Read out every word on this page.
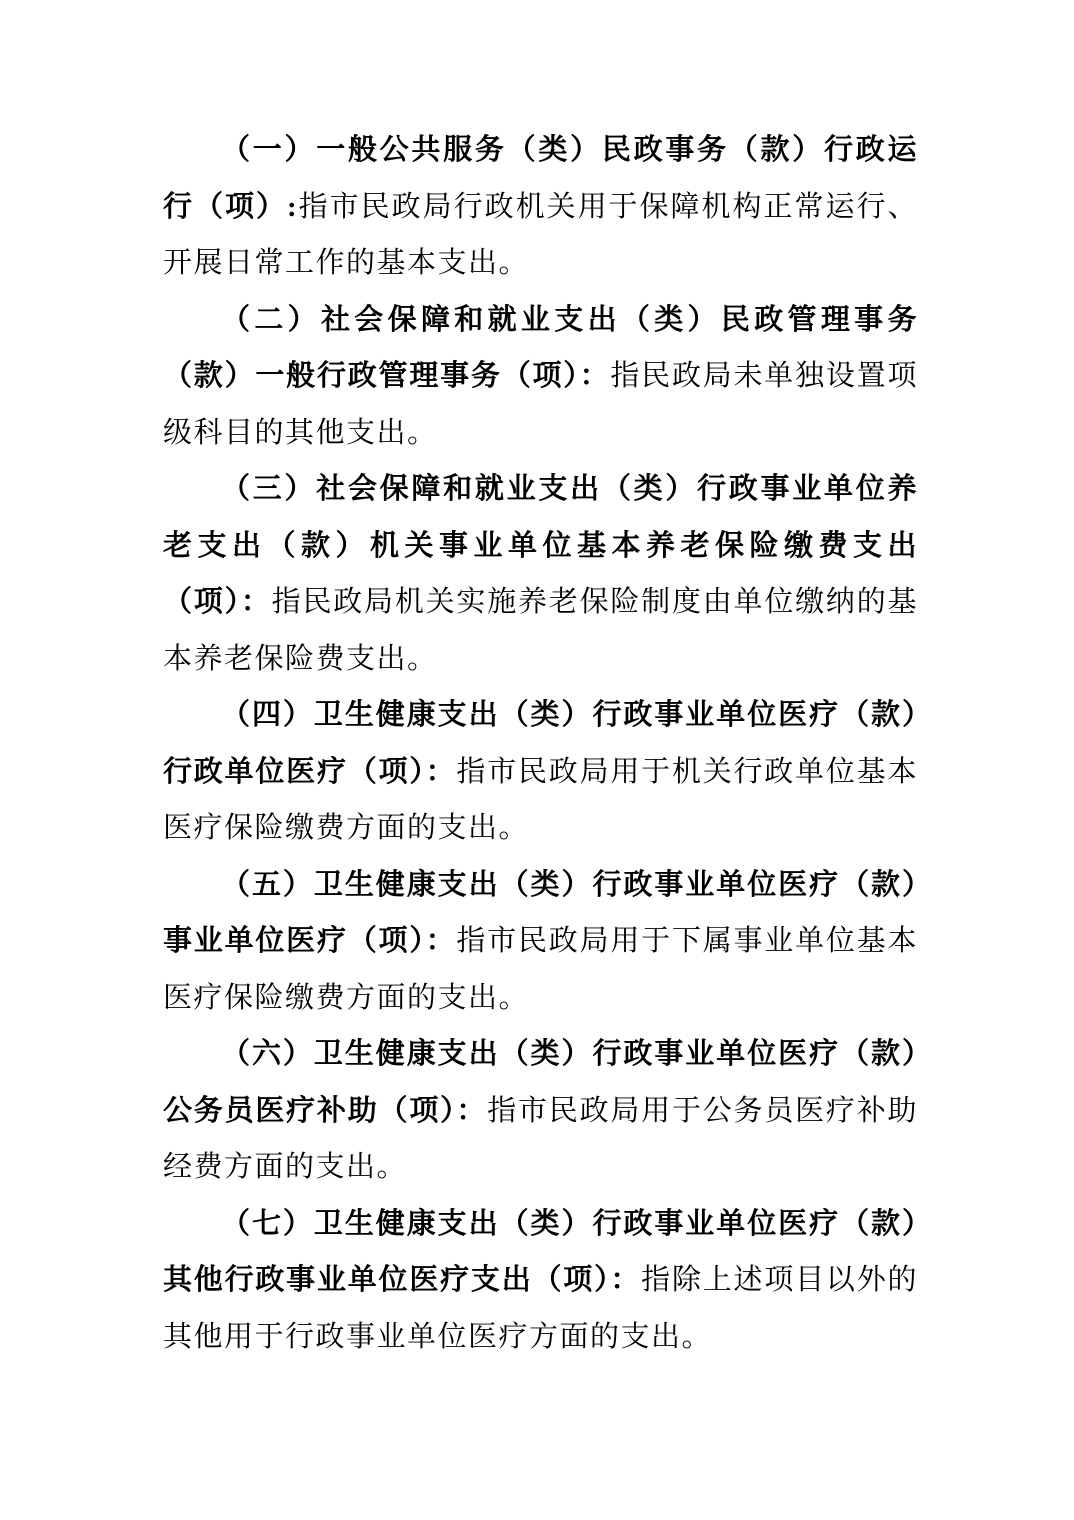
（一）一般公共服务（类）民政事务（款）行政运行（项）:指市民政局行政机关用于保障机构正常运行、开展日常工作的基本支出。

（二）社会保障和就业支出（类）民政管理事务（款）一般行政管理事务（项）：指民政局未单独设置项级科目的其他支出。

（三）社会保障和就业支出（类）行政事业单位养老支出（款）机关事业单位基本养老保险缴费支出（项）：指民政局机关实施养老保险制度由单位缴纳的基本养老保险费支出。

（四）卫生健康支出（类）行政事业单位医疗（款）行政单位医疗（项）：指市民政局用于机关行政单位基本医疗保险缴费方面的支出。

（五）卫生健康支出（类）行政事业单位医疗（款）事业单位医疗（项）：指市民政局用于下属事业单位基本医疗保险缴费方面的支出。

（六）卫生健康支出（类）行政事业单位医疗（款）公务员医疗补助（项）：指市民政局用于公务员医疗补助经费方面的支出。

（七）卫生健康支出（类）行政事业单位医疗（款）其他行政事业单位医疗支出（项）：指除上述项目以外的其他用于行政事业单位医疗方面的支出。
